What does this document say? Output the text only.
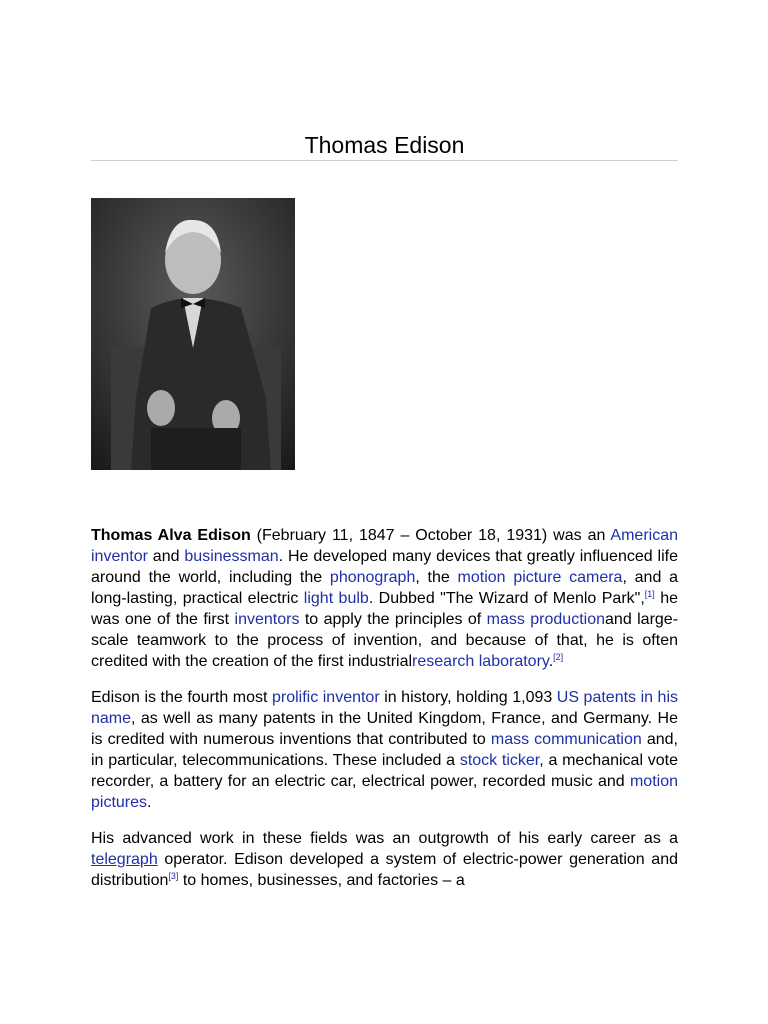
Thomas Edison

Thomas Alva Edison (February 11, 1847 – October 18, 1931) was an American inventor and businessman. He developed many devices that greatly influenced life around the world, including the phonograph, the motion picture camera, and a long-lasting, practical electric light bulb. Dubbed "The Wizard of Menlo Park",[1] he was one of the first inventors to apply the principles of mass productionand large-scale teamwork to the process of invention, and because of that, he is often credited with the creation of the first industrialresearch laboratory.[2]

Edison is the fourth most prolific inventor in history, holding 1,093 US patents in his name, as well as many patents in the United Kingdom, France, and Germany. He is credited with numerous inventions that contributed to mass communication and, in particular, telecommunications. These included a stock ticker, a mechanical vote recorder, a battery for an electric car, electrical power, recorded music and motion pictures.

His advanced work in these fields was an outgrowth of his early career as a telegraph operator. Edison developed a system of electric-power generation and distribution[3] to homes, businesses, and factories – a
